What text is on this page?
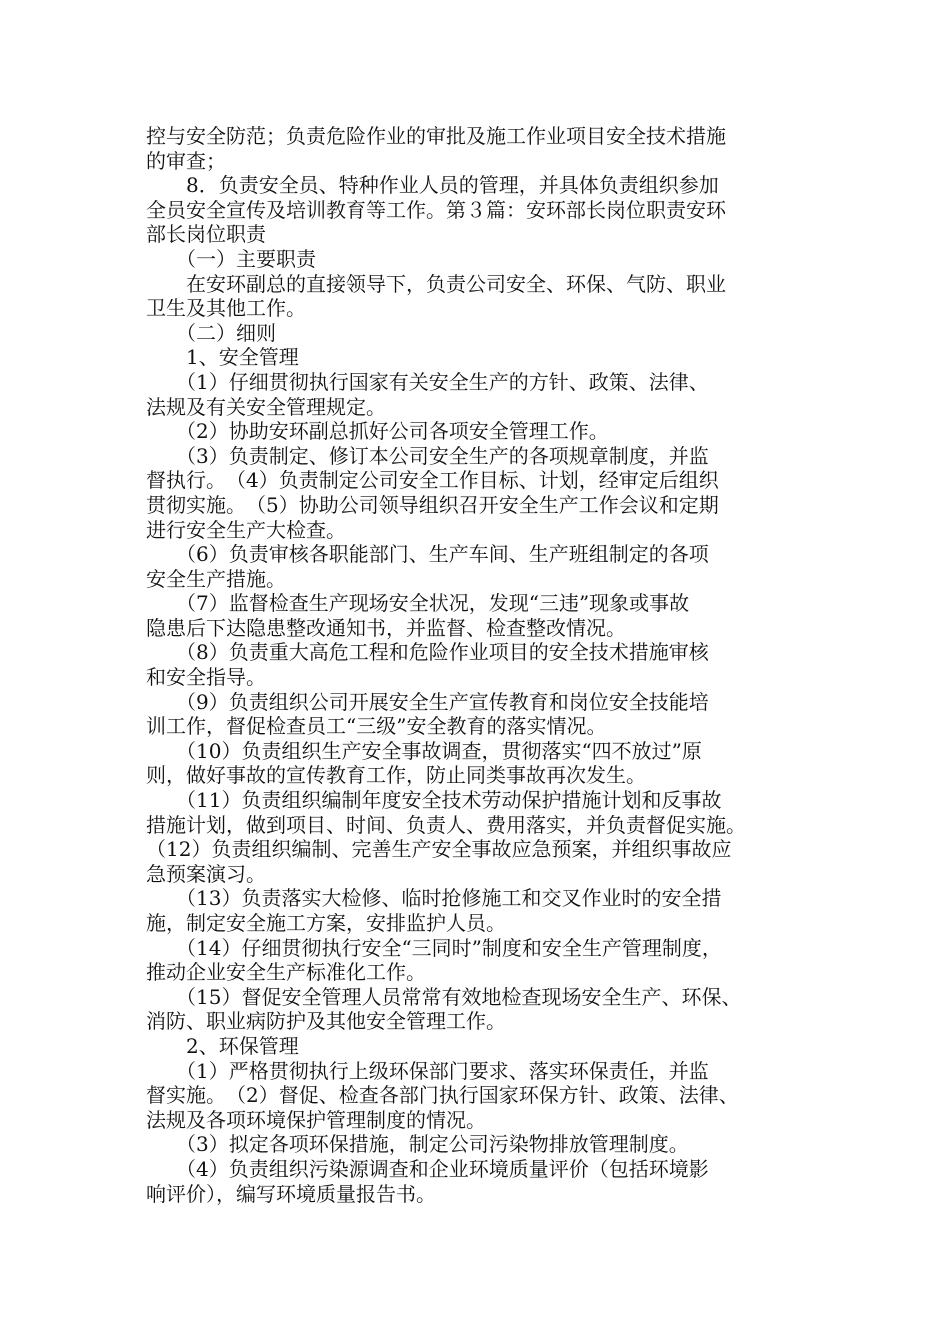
控与安全防范；负责危险作业的审批及施工作业项目安全技术措施
的审查；
　　8．负责安全员、特种作业人员的管理，并具体负责组织参加
全员安全宣传及培训教育等工作。第３篇：安环部长岗位职责安环
部长岗位职责
　　（一）主要职责
　　在安环副总的直接领导下，负责公司安全、环保、气防、职业
卫生及其他工作。
　　（二）细则
　　1、安全管理
　　（1）仔细贯彻执行国家有关安全生产的方针、政策、法律、
法规及有关安全管理规定。
　　（2）协助安环副总抓好公司各项安全管理工作。
　　（3）负责制定、修订本公司安全生产的各项规章制度，并监
督执行。　（4）负责制定公司安全工作目标、计划，经审定后组织
贯彻实施。　（5）协助公司领导组织召开安全生产工作会议和定期
进行安全生产大检查。
　　（6）负责审核各职能部门、生产车间、生产班组制定的各项
安全生产措施。
　　（7）监督检查生产现场安全状况，发现“三违”现象或事故
隐患后下达隐患整改通知书，并监督、检查整改情况。
　　（8）负责重大高危工程和危险作业项目的安全技术措施审核
和安全指导。
　　（9）负责组织公司开展安全生产宣传教育和岗位安全技能培
训工作，督促检查员工“三级”安全教育的落实情况。
　　（10）负责组织生产安全事故调查，贯彻落实“四不放过”原
则，做好事故的宣传教育工作，防止同类事故再次发生。
　　（11）负责组织编制年度安全技术劳动保护措施计划和反事故
措施计划，做到项目、时间、负责人、费用落实，并负责督促实施。
（12）负责组织编制、完善生产安全事故应急预案，并组织事故应
急预案演习。
　　（13）负责落实大检修、临时抢修施工和交叉作业时的安全措
施，制定安全施工方案，安排监护人员。
　　（14）仔细贯彻执行安全“三同时”制度和安全生产管理制度，
推动企业安全生产标准化工作。
　　（15）督促安全管理人员常常有效地检查现场安全生产、环保、
消防、职业病防护及其他安全管理工作。
　　2、环保管理
　　（1）严格贯彻执行上级环保部门要求、落实环保责任，并监
督实施。　（2）督促、检查各部门执行国家环保方针、政策、法律、
法规及各项环境保护管理制度的情况。
　　（3）拟定各项环保措施，制定公司污染物排放管理制度。
　　（4）负责组织污染源调查和企业环境质量评价（包括环境影
响评价），编写环境质量报告书。
